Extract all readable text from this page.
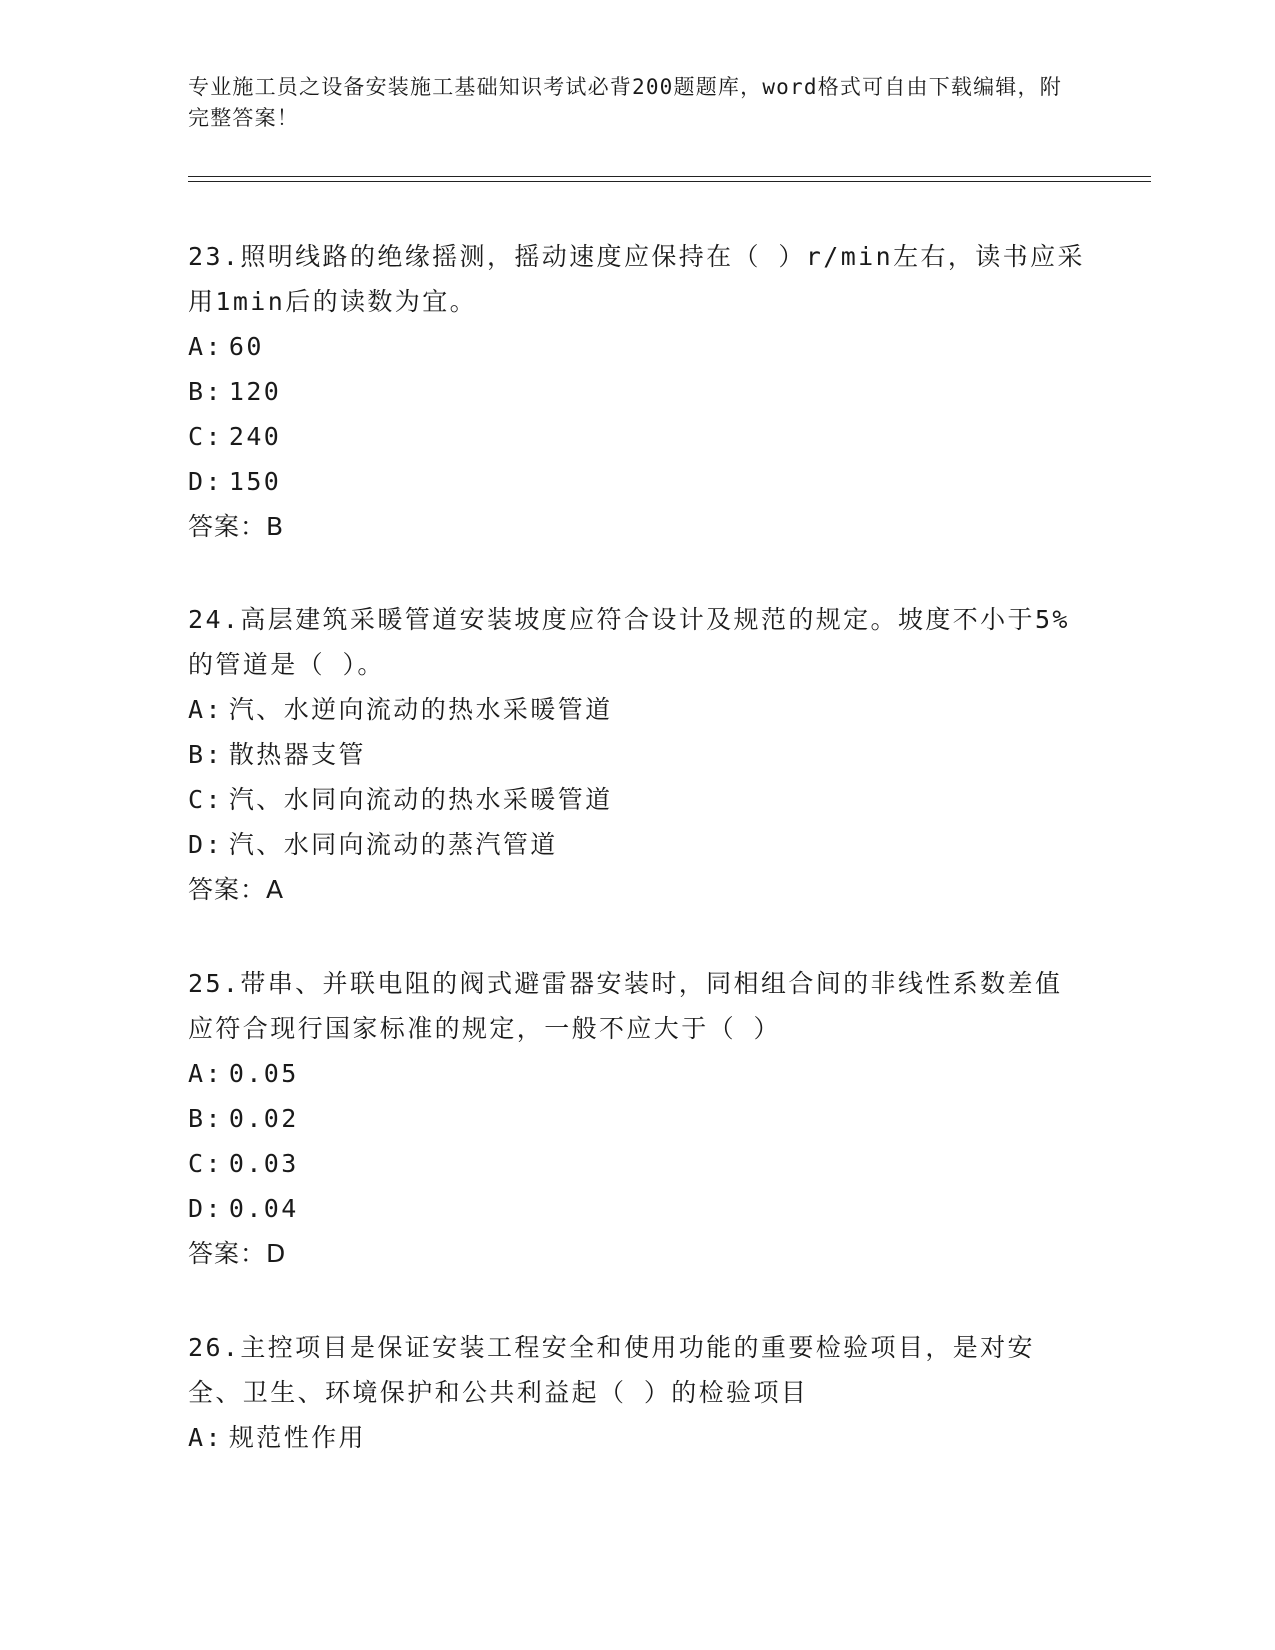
专业施工员之设备安装施工基础知识考试必背200题题库，word格式可自由下载编辑，附完整答案！

23.照明线路的绝缘摇测，摇动速度应保持在（ ）r/min左右，读书应采用1min后的读数为宜。

A: 60

B: 120

C: 240

D: 150

答案：B

24.高层建筑采暖管道安装坡度应符合设计及规范的规定。坡度不小于5%的管道是（ ）。

A: 汽、水逆向流动的热水采暖管道

B: 散热器支管

C: 汽、水同向流动的热水采暖管道

D: 汽、水同向流动的蒸汽管道

答案：A

25.带串、并联电阻的阀式避雷器安装时，同相组合间的非线性系数差值应符合现行国家标准的规定，一般不应大于（ ）

A: 0.05

B: 0.02

C: 0.03

D: 0.04

答案：D

26.主控项目是保证安装工程安全和使用功能的重要检验项目，是对安全、卫生、环境保护和公共利益起（ ）的检验项目

A: 规范性作用
